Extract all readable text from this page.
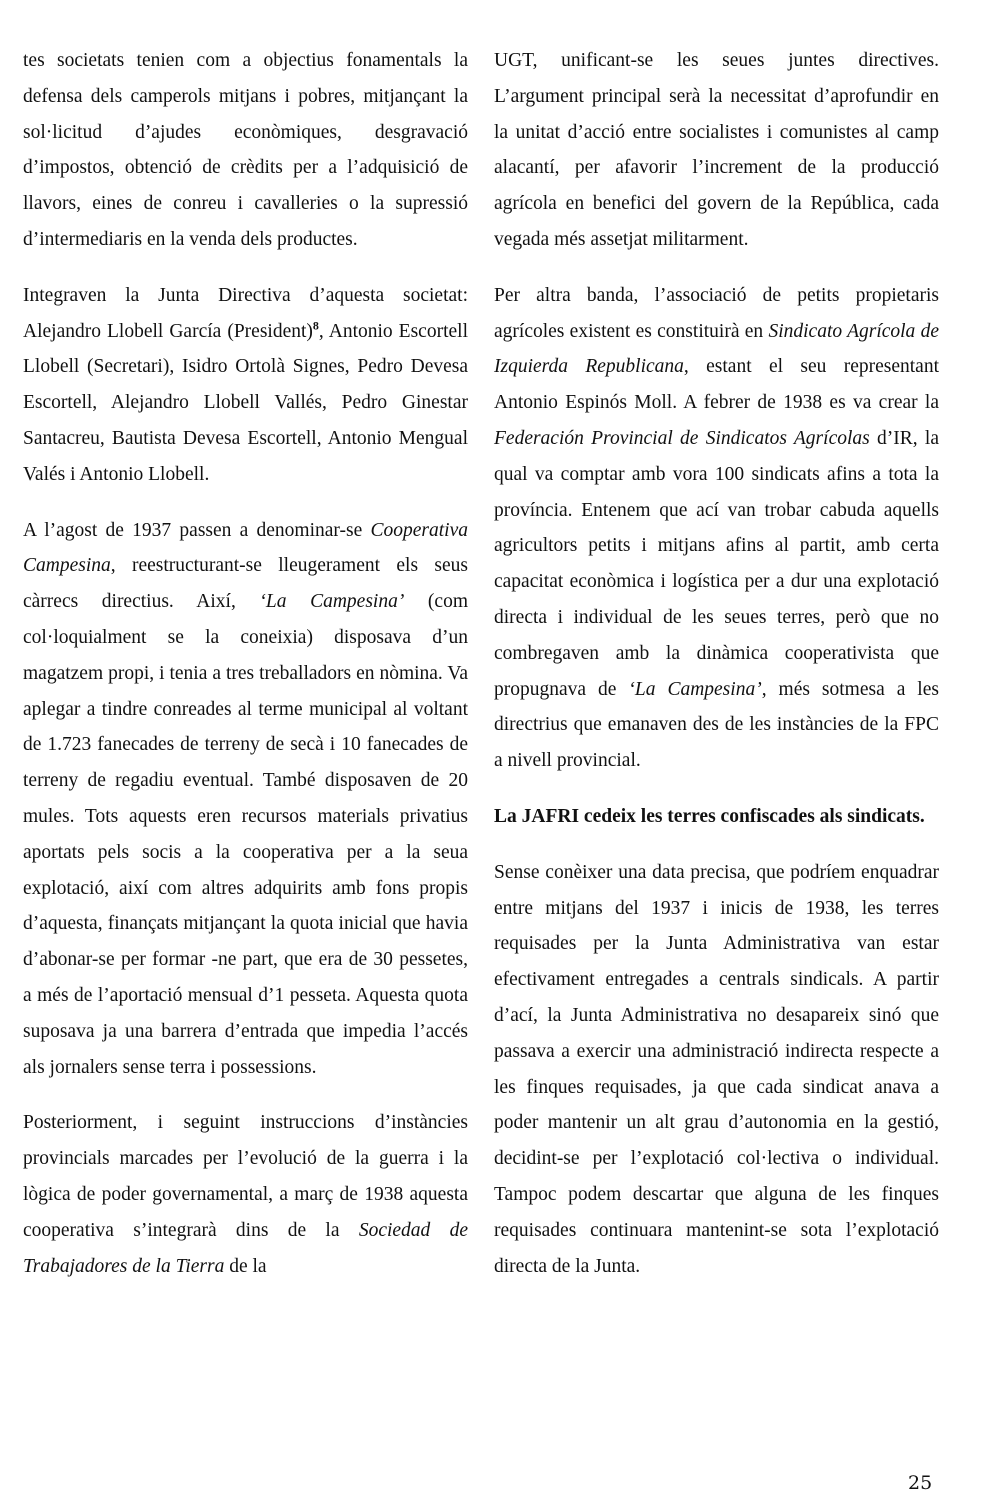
tes societats tenien com a objectius fonamentals la defensa dels camperols mitjans i pobres, mitjançant la sol·licitud d’ajudes econòmiques, desgravació d’impostos, obtenció de crèdits per a l’adquisició de llavors, eines de conreu i cavalleries o la supressió d’intermediaris en la venda dels productes.

Integraven la Junta Directiva d’aquesta societat: Alejandro Llobell García (President)$^8$, Antonio Escortell Llobell (Secretari), Isidro Ortolà Signes, Pedro Devesa Escortell, Alejandro Llobell Vallés, Pedro Ginestar Santacreu, Bautista Devesa Escortell, Antonio Mengual Valés i Antonio Llobell.

A l’agost de 1937 passen a denominar-se Cooperativa Campesina, reestructurant-se lleugerament els seus càrrecs directius. Així, ‘La Campesina’ (com col·loquialment se la coneixia) disposava d’un magatzem propi, i tenia a tres treballadors en nòmina. Va aplegar a tindre conreades al terme municipal al voltant de 1.723 fanecades de terreny de secà i 10 fanecades de terreny de regadiu eventual. També disposaven de 20 mules. Tots aquests eren recursos materials privatius aportats pels socis a la cooperativa per a la seua explotació, així com altres adquirits amb fons propis d’aquesta, finançats mitjançant la quota inicial que havia d’abonar-se per formar -ne part, que era de 30 pessetes, a més de l’aportació mensual d’1 pesseta. Aquesta quota suposava ja una barrera d’entrada que impedia l’accés als jornalers sense terra i possessions.

Posteriorment, i seguint instruccions d’instàncies provincials marcades per l’evolució de la guerra i la lògica de poder governamental, a març de 1938 aquesta cooperativa s’integrarà dins de la Sociedad de Trabajadores de la Tierra de la

UGT, unificant-se les seues juntes directives. L’argument principal serà la necessitat d’aprofundir en la unitat d’acció entre socialistes i comunistes al camp alacantí, per afavorir l’increment de la producció agrícola en benefici del govern de la República, cada vegada més assetjat militarment.

Per altra banda, l’associació de petits propietaris agrícoles existent es constituirà en Sindicato Agrícola de Izquierda Republicana, estant el seu representant Antonio Espinós Moll. A febrer de 1938 es va crear la Federación Provincial de Sindicatos Agrícolas d’IR, la qual va comptar amb vora 100 sindicats afins a tota la província. Entenem que ací van trobar cabuda aquells agricultors petits i mitjans afins al partit, amb certa capacitat econòmica i logística per a dur una explotació directa i individual de les seues terres, però que no combregaven amb la dinàmica cooperativista que propugnava de ‘La Campesina’, més sotmesa a les directrius que emanaven des de les instàncies de la FPC a nivell provincial.

La JAFRI cedeix les terres confiscades als sindicats.

Sense conèixer una data precisa, que podríem enquadrar entre mitjans del 1937 i inicis de 1938, les terres requisades per la Junta Administrativa van estar efectivament entregades a centrals sindicals. A partir d’ací, la Junta Administrativa no desapareix sinó que passava a exercir una administració indirecta respecte a les finques requisades, ja que cada sindicat anava a poder mantenir un alt grau d’autonomia en la gestió, decidint-se per l’explotació col·lectiva o individual. Tampoc podem descartar que alguna de les finques requisades continuara mantenint-se sota l’explotació directa de la Junta.

25
